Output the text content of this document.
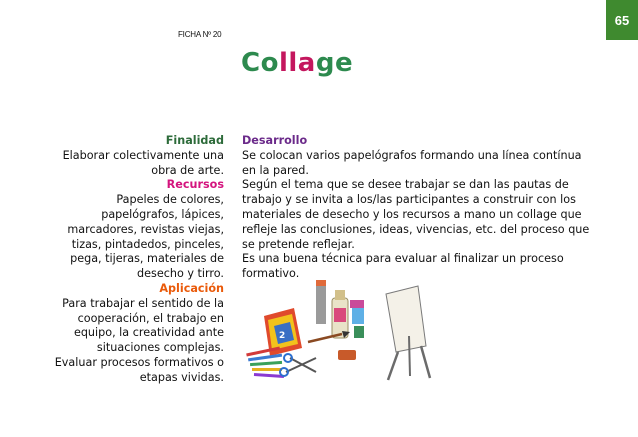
65
FICHA Nº 20
Collage

Finalidad

Elaborar colectivamente una obra de arte.

Recursos

Papeles de colores, papelógrafos, lápices, marcadores, revistas viejas, tizas, pintadedos, pinceles, pega, tijeras, materiales de desecho y tirro.

Aplicación

Para trabajar el sentido de la cooperación, el trabajo en equipo, la creatividad ante situaciones complejas.

Evaluar procesos formativos o etapas vividas.

Desarrollo

Se colocan varios papelógrafos formando una línea contínua en la pared.

Según el tema que se desee trabajar se dan las pautas de trabajo y se invita a los/las participantes a construir con los materiales de desecho y los recursos a mano un collage que refleje las conclusiones, ideas, vivencias, etc. del proceso que se pretende reflejar.

Es una buena técnica para evaluar al finalizar un proceso formativo.

2
